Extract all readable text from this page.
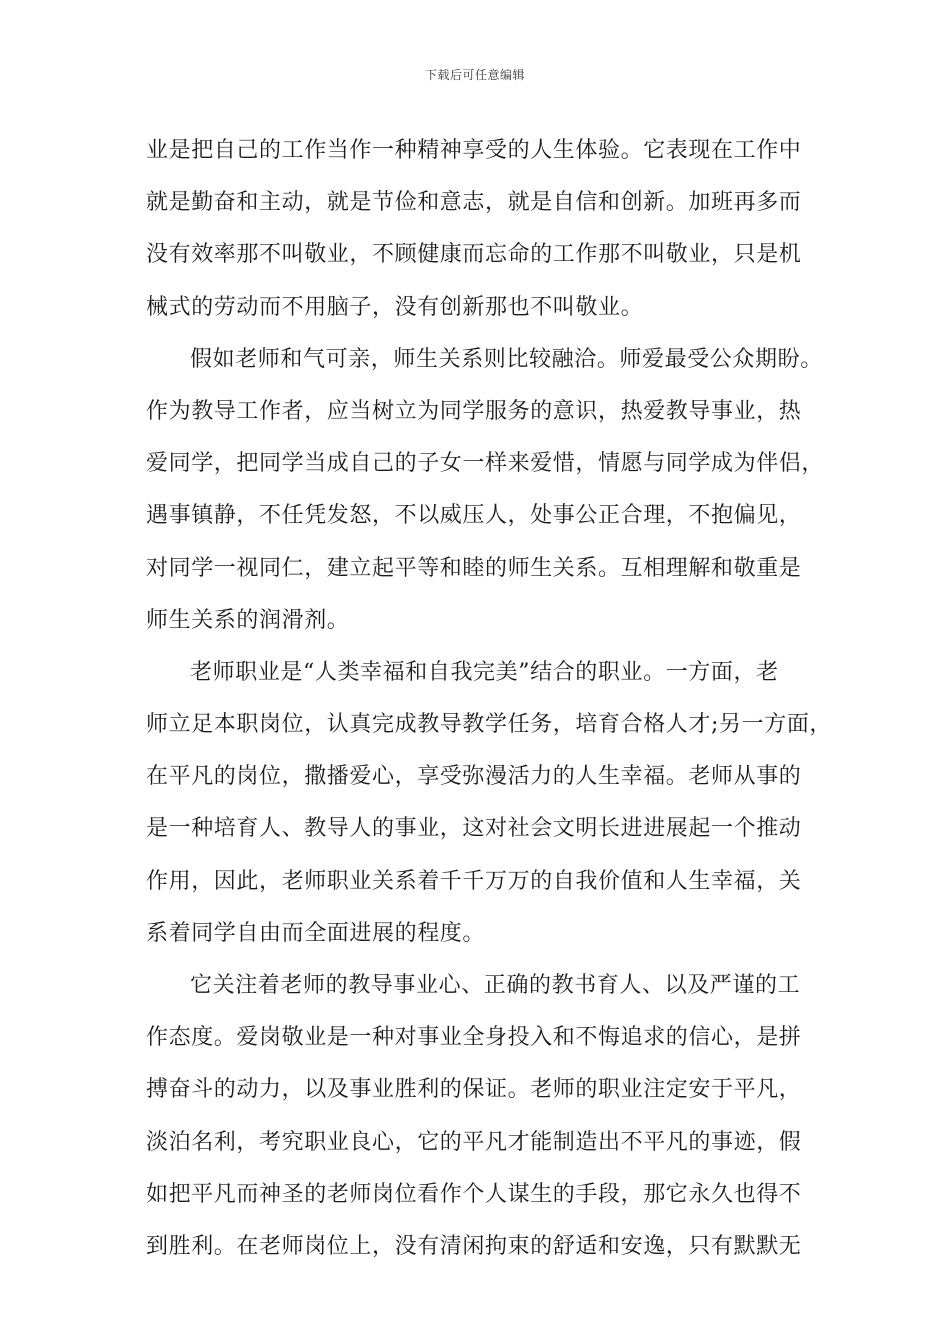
下载后可任意编辑
业是把自己的工作当作一种精神享受的人生体验。它表现在工作中
就是勤奋和主动，就是节俭和意志，就是自信和创新。加班再多而
没有效率那不叫敬业，不顾健康而忘命的工作那不叫敬业，只是机
械式的劳动而不用脑子，没有创新那也不叫敬业。
假如老师和气可亲，师生关系则比较融洽。师爱最受公众期盼。
作为教导工作者，应当树立为同学服务的意识，热爱教导事业，热
爱同学，把同学当成自己的子女一样来爱惜，情愿与同学成为伴侣，
遇事镇静，不任凭发怒，不以威压人，处事公正合理，不抱偏见，
对同学一视同仁，建立起平等和睦的师生关系。互相理解和敬重是
师生关系的润滑剂。
老师职业是“人类幸福和自我完美”结合的职业。一方面，老
师立足本职岗位，认真完成教导教学任务，培育合格人才;另一方面，
在平凡的岗位，撒播爱心，享受弥漫活力的人生幸福。老师从事的
是一种培育人、教导人的事业，这对社会文明长进进展起一个推动
作用，因此，老师职业关系着千千万万的自我价值和人生幸福，关
系着同学自由而全面进展的程度。
它关注着老师的教导事业心、正确的教书育人、以及严谨的工
作态度。爱岗敬业是一种对事业全身投入和不悔追求的信心，是拼
搏奋斗的动力，以及事业胜利的保证。老师的职业注定安于平凡，
淡泊名利，考究职业良心，它的平凡才能制造出不平凡的事迹，假
如把平凡而神圣的老师岗位看作个人谋生的手段，那它永久也得不
到胜利。在老师岗位上，没有清闲拘束的舒适和安逸，只有默默无
